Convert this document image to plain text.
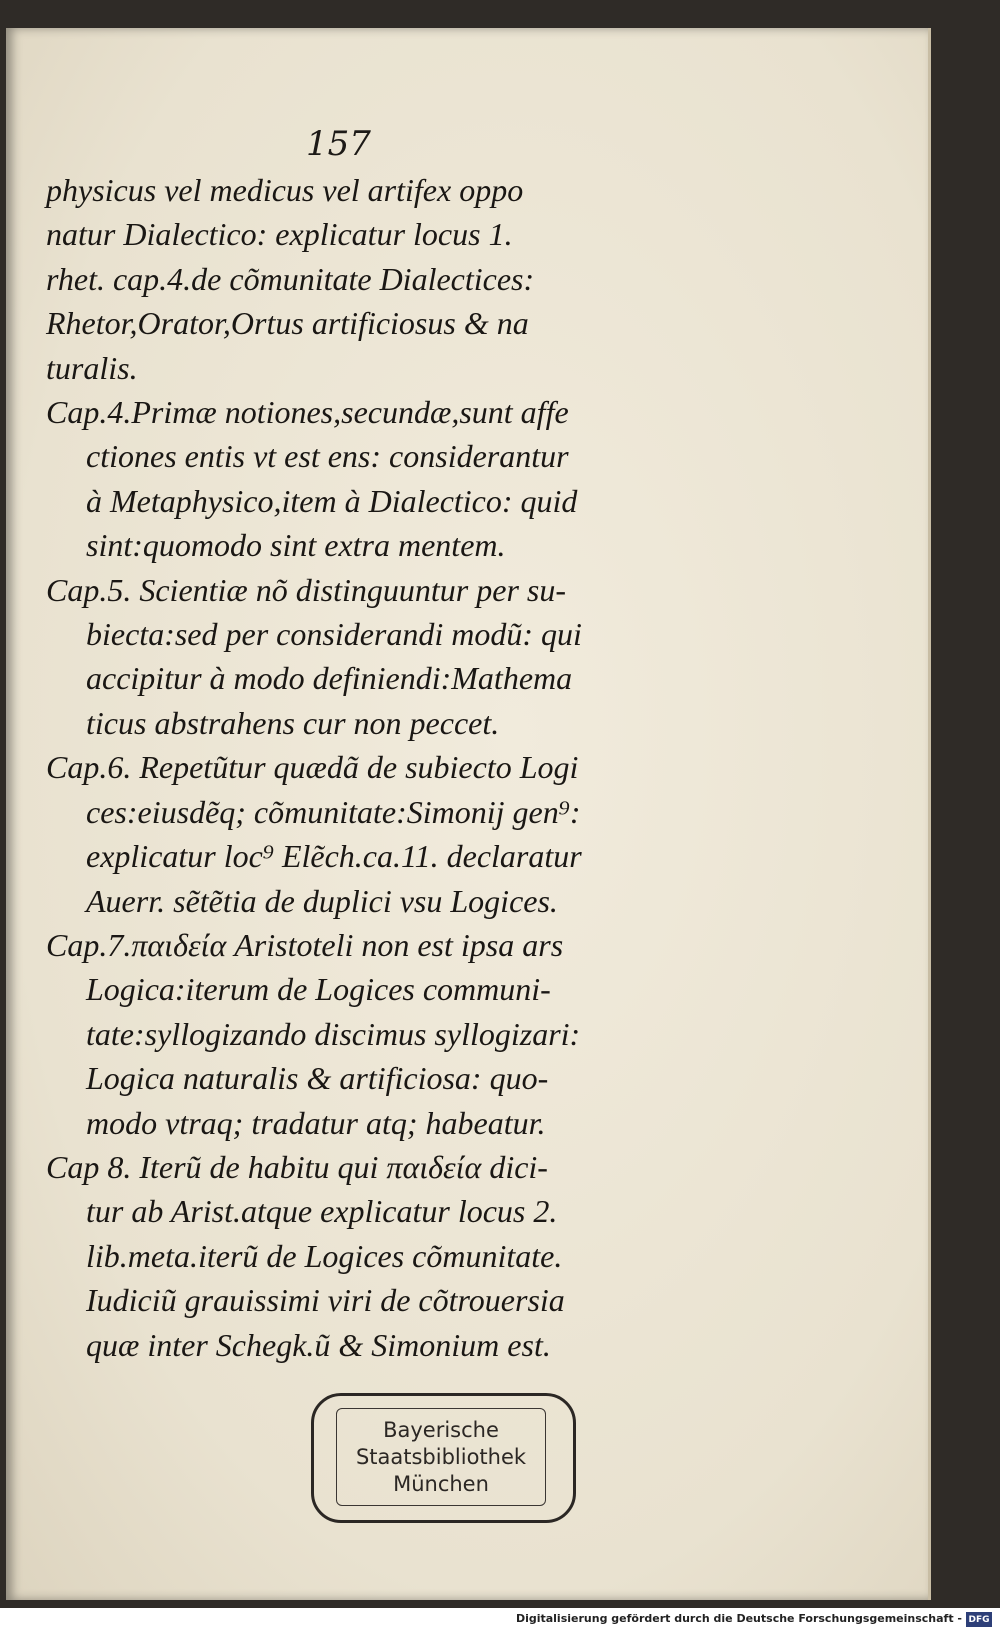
157
physicus vel medicus vel artifex oppo
natur Dialectico: explicatur locus 1.
rhet. cap.4.de cõmunitate Dialectices:
Rhetor,Orator,Ortus artificiosus & na
turalis.
Cap.4.Primæ notiones,secundæ,sunt affe
ctiones entis vt est ens: considerantur
à Metaphysico,item à Dialectico: quid
sint:quomodo sint extra mentem.
Cap.5. Scientiæ nõ distinguuntur per su-
biecta:sed per considerandi modũ: qui
accipitur à modo definiendi:Mathema
ticus abstrahens cur non peccet.
Cap.6. Repetũtur quædã de subiecto Logi
ces:eiusdẽq; cõmunitate:Simonij gen⁹:
explicatur loc⁹ Elẽch.ca.11. declaratur
Auerr. sẽtẽtia de duplici vsu Logices.
Cap.7.παιδεία Aristoteli non est ipsa ars
Logica:iterum de Logices communi-
tate:syllogizando discimus syllogizari:
Logica naturalis & artificiosa: quo-
modo vtraq; tradatur atq; habeatur.
Cap 8. Iterũ de habitu qui παιδεία dici-
tur ab Arist.atque explicatur locus 2.
lib.meta.iterũ de Logices cõmunitate.
Iudiciũ grauissimi viri de cõtrouersia
quæ inter Schegk.ũ & Simonium est.
Bayerische
Staatsbibliothek
München
Digitalisierung gefördert durch die Deutsche Forschungsgemeinschaft - DFG
